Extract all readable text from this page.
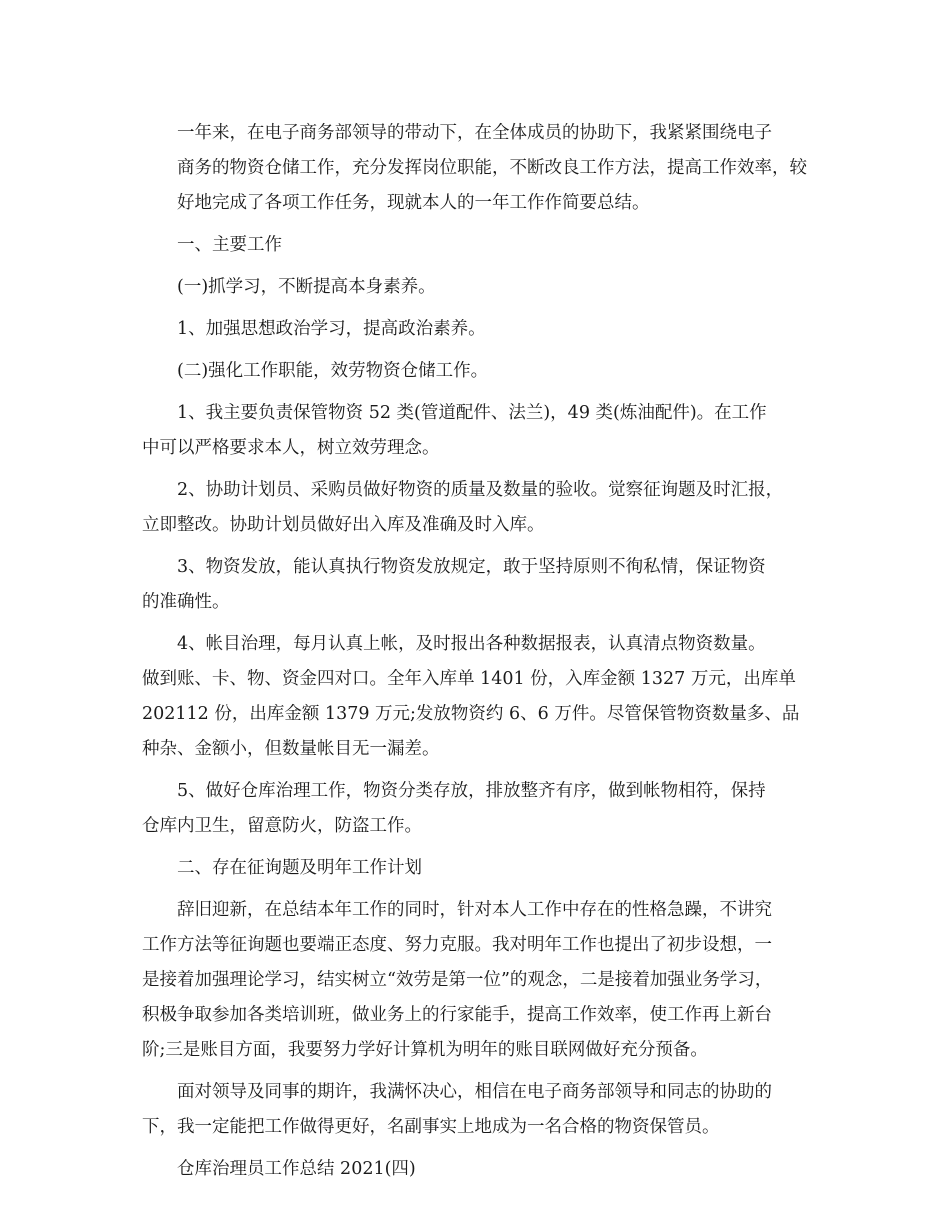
一年来，在电子商务部领导的带动下，在全体成员的协助下，我紧紧围绕电子
商务的物资仓储工作，充分发挥岗位职能，不断改良工作方法，提高工作效率，较
好地完成了各项工作任务，现就本人的一年工作作简要总结。

一、主要工作

(一)抓学习，不断提高本身素养。

1、加强思想政治学习，提高政治素养。

(二)强化工作职能，效劳物资仓储工作。

1、我主要负责保管物资 52 类(管道配件、法兰)，49 类(炼油配件)。在工作
中可以严格要求本人，树立效劳理念。

2、协助计划员、采购员做好物资的质量及数量的验收。觉察征询题及时汇报，
立即整改。协助计划员做好出入库及准确及时入库。

3、物资发放，能认真执行物资发放规定，敢于坚持原则不徇私情，保证物资
的准确性。

4、帐目治理，每月认真上帐，及时报出各种数据报表，认真清点物资数量。
做到账、卡、物、资金四对口。全年入库单 1401 份，入库金额 1327 万元，出库单
202112 份，出库金额 1379 万元;发放物资约 6、6 万件。尽管保管物资数量多、品
种杂、金额小，但数量帐目无一漏差。

5、做好仓库治理工作，物资分类存放，排放整齐有序，做到帐物相符，保持
仓库内卫生，留意防火，防盗工作。

二、存在征询题及明年工作计划

辞旧迎新，在总结本年工作的同时，针对本人工作中存在的性格急躁，不讲究
工作方法等征询题也要端正态度、努力克服。我对明年工作也提出了初步设想，一
是接着加强理论学习，结实树立“效劳是第一位”的观念，二是接着加强业务学习，
积极争取参加各类培训班，做业务上的行家能手，提高工作效率，使工作再上新台
阶;三是账目方面，我要努力学好计算机为明年的账目联网做好充分预备。

面对领导及同事的期许，我满怀决心，相信在电子商务部领导和同志的协助的
下，我一定能把工作做得更好，名副事实上地成为一名合格的物资保管员。

仓库治理员工作总结 2021(四)
